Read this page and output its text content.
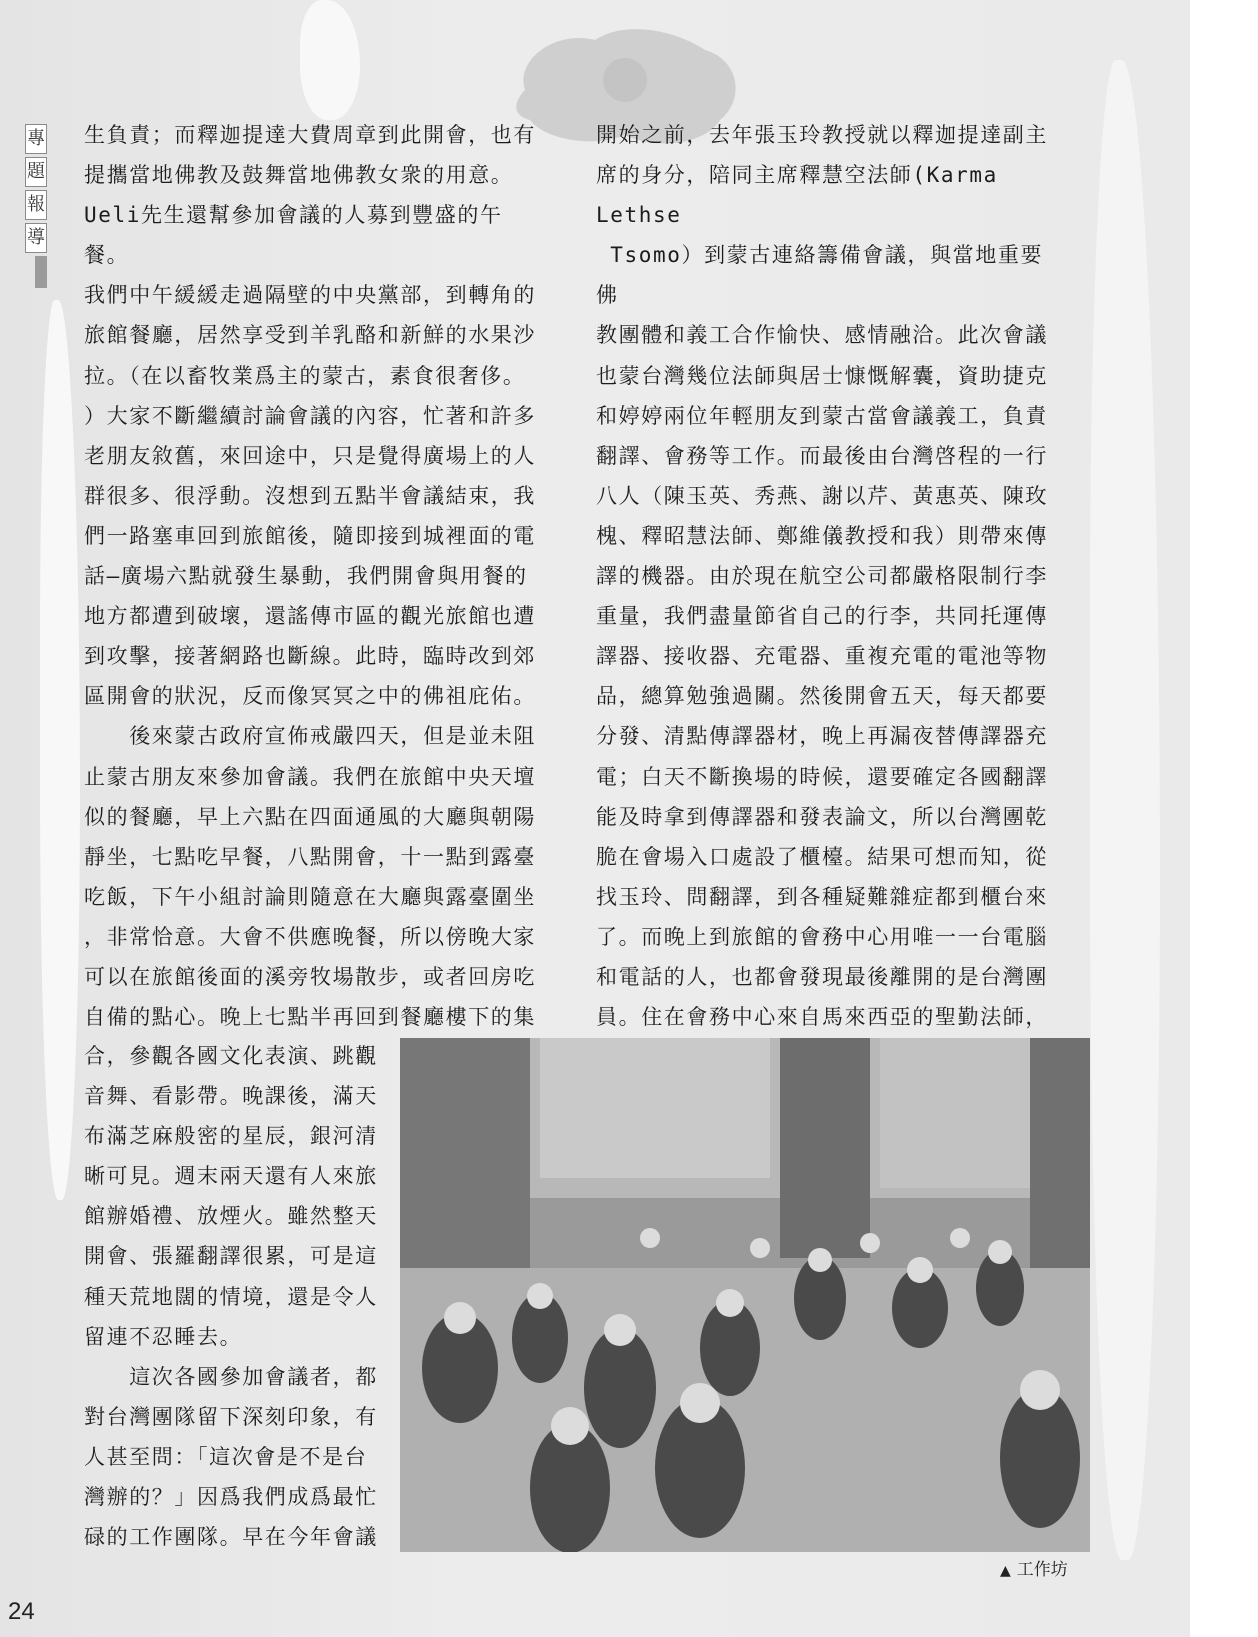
專
題
報
導
生負責；而釋迦提達大費周章到此開會，也有
提攜當地佛教及鼓舞當地佛教女衆的用意。
Ueli先生還幫參加會議的人募到豐盛的午餐。
我們中午緩緩走過隔壁的中央黨部，到轉角的
旅館餐廳，居然享受到羊乳酪和新鮮的水果沙
拉。（在以畜牧業爲主的蒙古，素食很奢侈。
）大家不斷繼續討論會議的內容，忙著和許多
老朋友敘舊，來回途中，只是覺得廣場上的人
群很多、很浮動。沒想到五點半會議結束，我
們一路塞車回到旅館後，隨即接到城裡面的電
話—廣場六點就發生暴動，我們開會與用餐的
地方都遭到破壞，還謠傳市區的觀光旅館也遭
到攻擊，接著網路也斷線。此時，臨時改到郊
區開會的狀況，反而像冥冥之中的佛祖庇佑。
　　後來蒙古政府宣佈戒嚴四天，但是並未阻
止蒙古朋友來參加會議。我們在旅館中央天壇
似的餐廳，早上六點在四面通風的大廳與朝陽
靜坐，七點吃早餐，八點開會，十一點到露臺
吃飯，下午小組討論則隨意在大廳與露臺圍坐
，非常恰意。大會不供應晚餐，所以傍晚大家
可以在旅館後面的溪旁牧場散步，或者回房吃
自備的點心。晚上七點半再回到餐廳樓下的集
合，參觀各國文化表演、跳觀
音舞、看影帶。晚課後，滿天
布滿芝麻般密的星辰，銀河清
晰可見。週末兩天還有人來旅
館辦婚禮、放煙火。雖然整天
開會、張羅翻譯很累，可是這
種天荒地闊的情境，還是令人
留連不忍睡去。
　　這次各國參加會議者，都
對台灣團隊留下深刻印象，有
人甚至問：「這次會是不是台
灣辦的？」因爲我們成爲最忙
碌的工作團隊。早在今年會議
開始之前，去年張玉玲教授就以釋迦提達副主
席的身分，陪同主席釋慧空法師(Karma Lethse
Tsomo）到蒙古連絡籌備會議，與當地重要佛
教團體和義工合作愉快、感情融洽。此次會議
也蒙台灣幾位法師與居士慷慨解囊，資助捷克
和婷婷兩位年輕朋友到蒙古當會議義工，負責
翻譯、會務等工作。而最後由台灣啓程的一行
八人（陳玉英、秀燕、謝以芹、黃惠英、陳玫
槐、釋昭慧法師、鄭維儀教授和我）則帶來傳
譯的機器。由於現在航空公司都嚴格限制行李
重量，我們盡量節省自己的行李，共同托運傳
譯器、接收器、充電器、重複充電的電池等物
品，總算勉強過關。然後開會五天，每天都要
分發、清點傳譯器材，晚上再漏夜替傳譯器充
電；白天不斷換場的時候，還要確定各國翻譯
能及時拿到傳譯器和發表論文，所以台灣團乾
脆在會場入口處設了櫃檯。結果可想而知，從
找玉玲、問翻譯，到各種疑難雜症都到櫃台來
了。而晚上到旅館的會務中心用唯一一台電腦
和電話的人，也都會發現最後離開的是台灣團
員。住在會務中心來自馬來西亞的聖勤法師，

▲ 工作坊
24
